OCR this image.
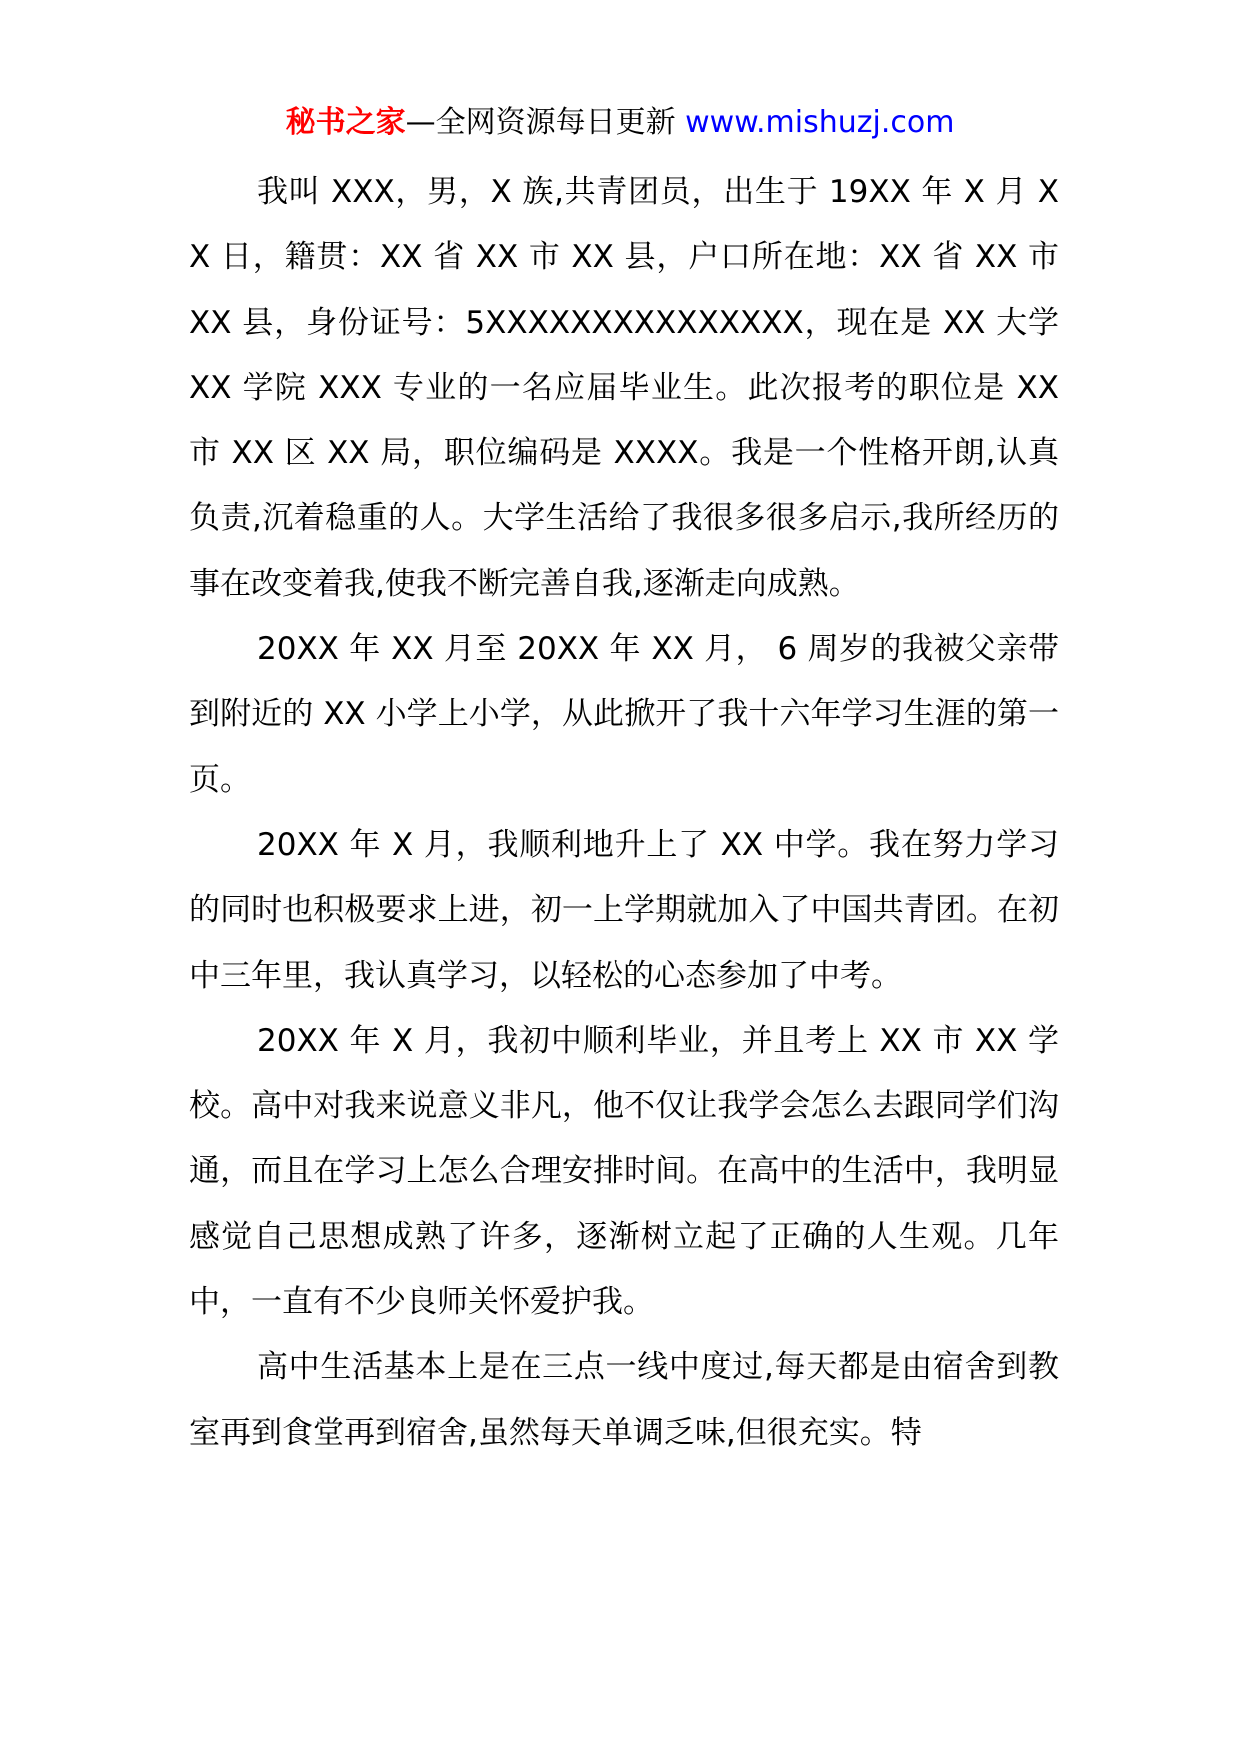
秘书之家—全网资源每日更新 www.mishuzj.com

我叫 XXX，男，X 族,共青团员，出生于 19XX 年 X 月 XX 日，籍贯：XX 省 XX 市 XX 县，户口所在地：XX 省 XX 市 XX 县，身份证号：5XXXXXXXXXXXXXXX，现在是 XX 大学 XX 学院 XXX 专业的一名应届毕业生。此次报考的职位是 XX 市 XX 区 XX 局，职位编码是 XXXX。我是一个性格开朗,认真负责,沉着稳重的人。大学生活给了我很多很多启示,我所经历的事在改变着我,使我不断完善自我,逐渐走向成熟。

20XX 年 XX 月至 20XX 年 XX 月， 6 周岁的我被父亲带到附近的 XX 小学上小学，从此掀开了我十六年学习生涯的第一页。

20XX 年 X 月，我顺利地升上了 XX 中学。我在努力学习的同时也积极要求上进，初一上学期就加入了中国共青团。在初中三年里，我认真学习，以轻松的心态参加了中考。

20XX 年 X 月，我初中顺利毕业，并且考上 XX 市 XX 学校。高中对我来说意义非凡，他不仅让我学会怎么去跟同学们沟通，而且在学习上怎么合理安排时间。在高中的生活中，我明显感觉自己思想成熟了许多，逐渐树立起了正确的人生观。几年中，一直有不少良师关怀爱护我。

高中生活基本上是在三点一线中度过,每天都是由宿舍到教室再到食堂再到宿舍,虽然每天单调乏味,但很充实。特
